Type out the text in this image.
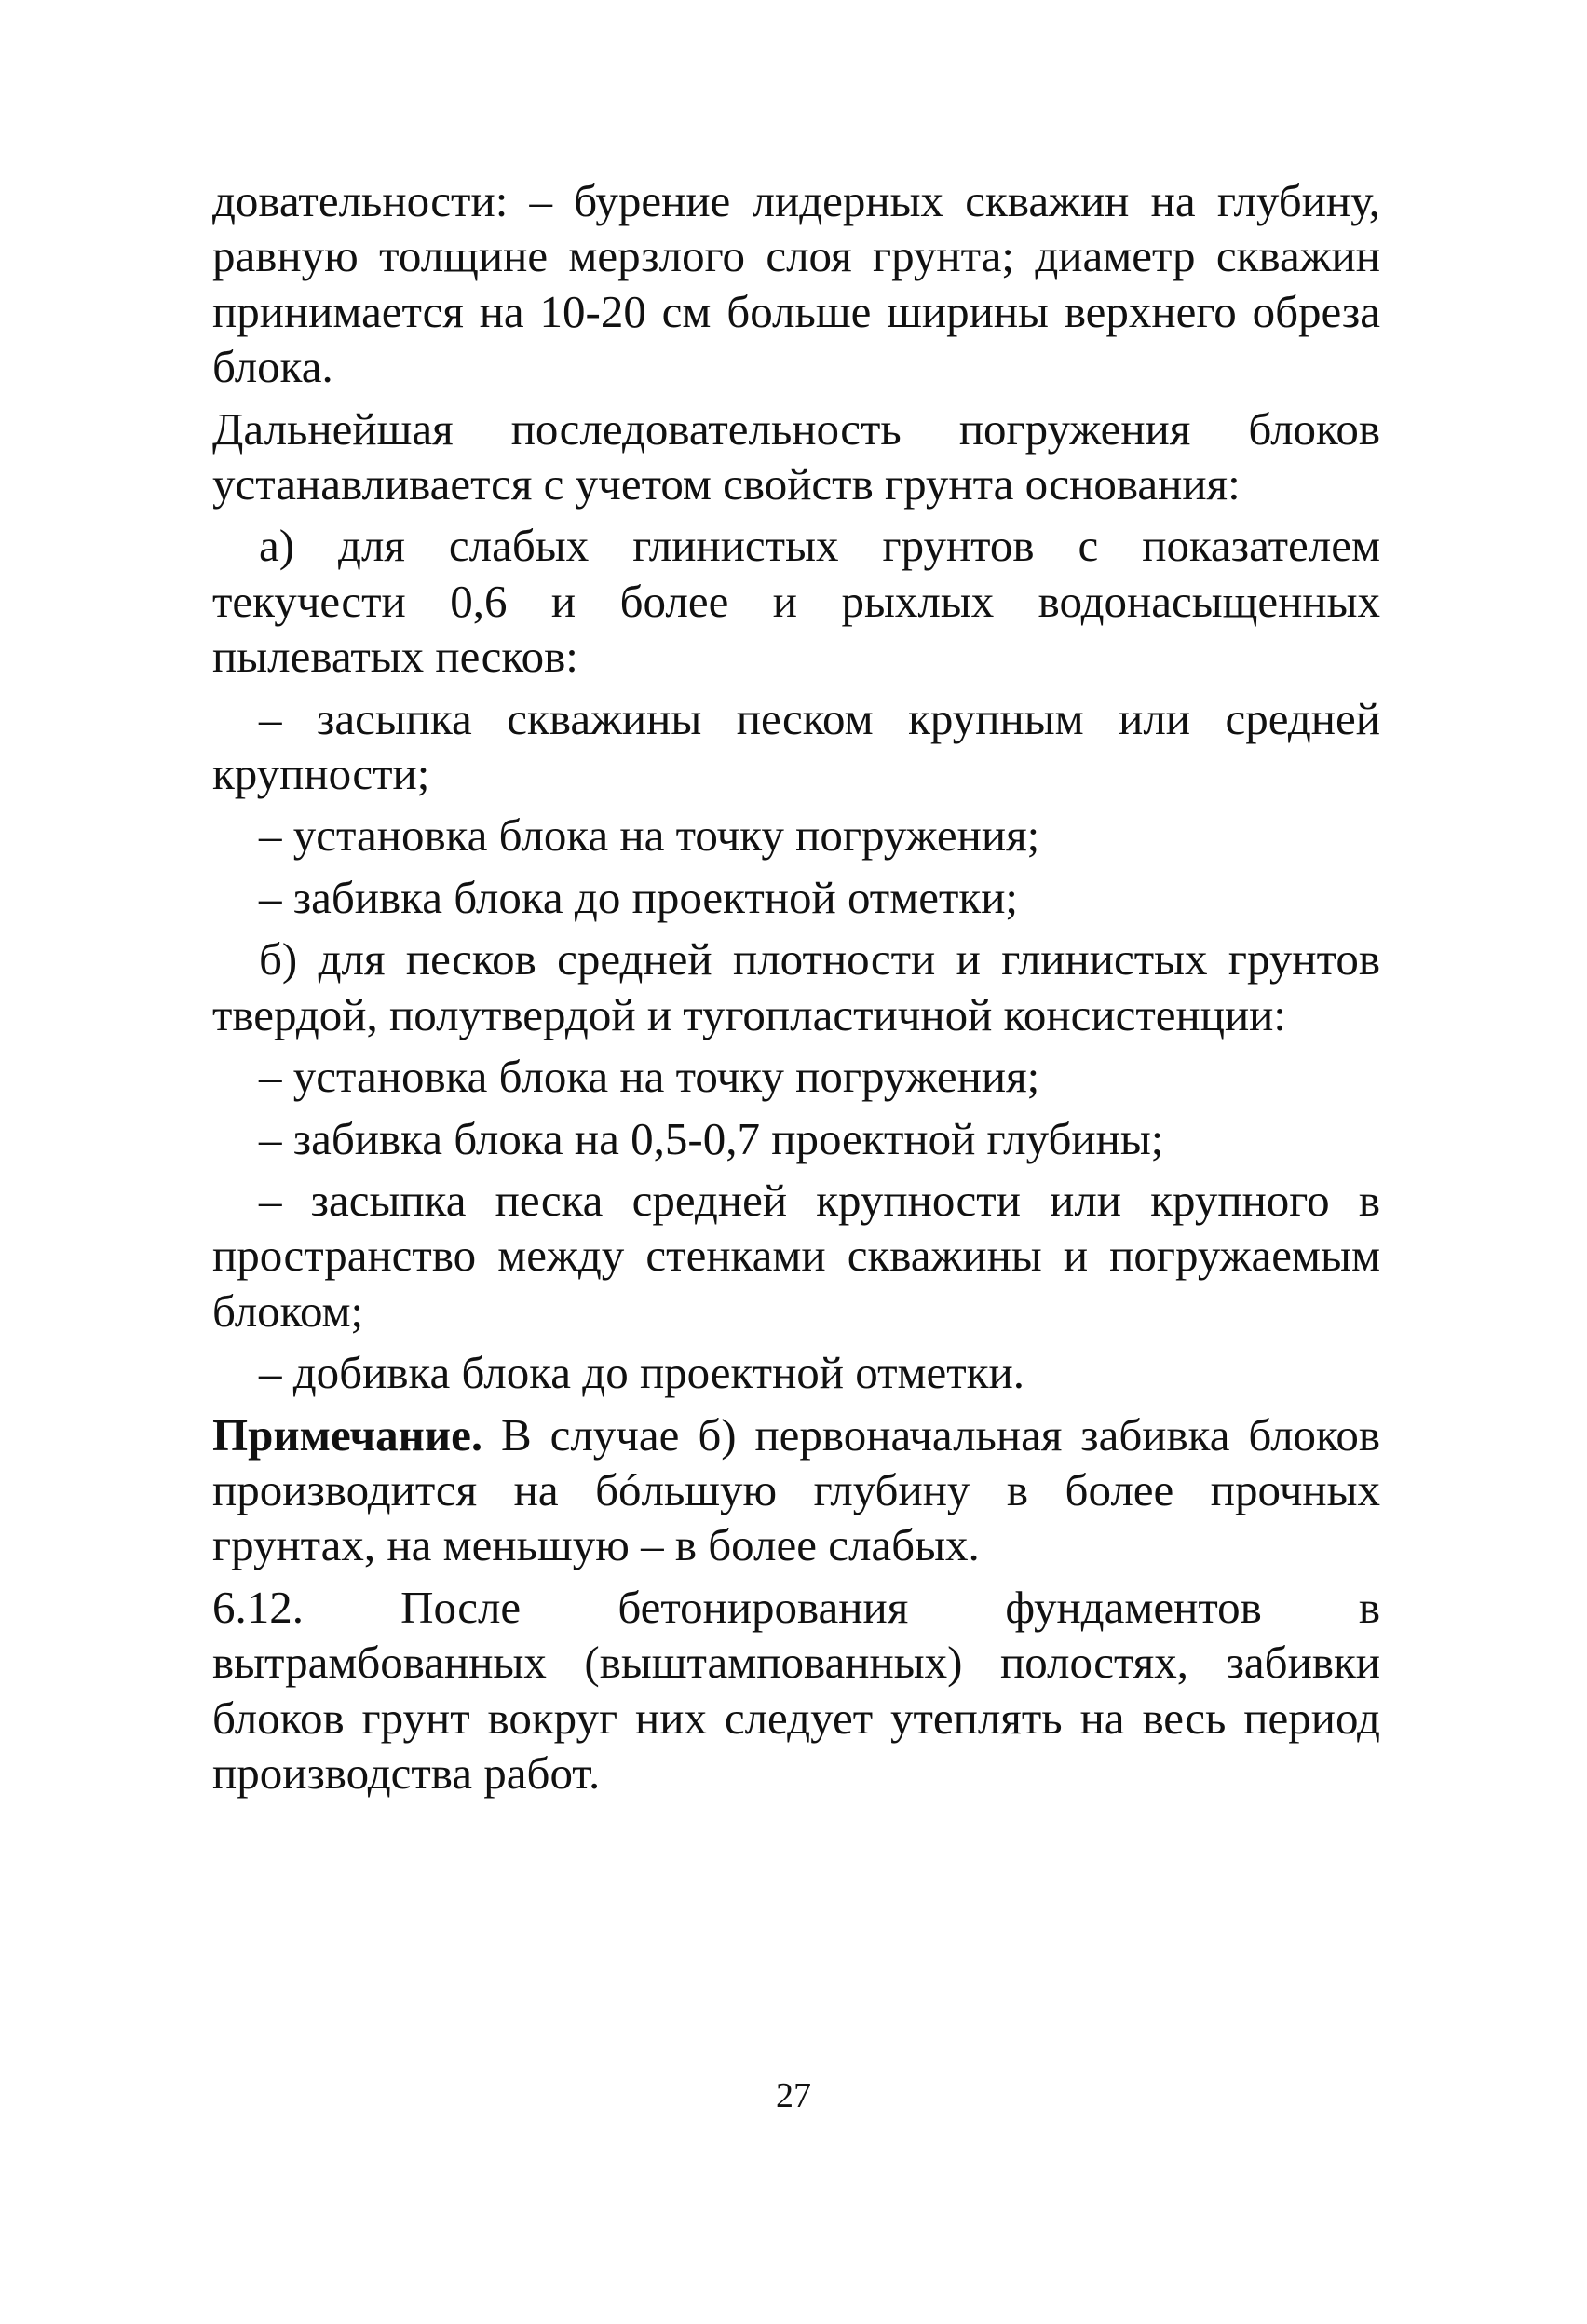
довательности: – бурение лидерных скважин на глубину, равную толщине мерзлого слоя грунта; диаметр скважин принимается на 10-20 см больше ширины верхнего обреза блока.

Дальнейшая последовательность погружения блоков устанавливается с учетом свойств грунта основания:

а) для слабых глинистых грунтов с показателем текучести 0,6 и более и рыхлых водонасыщенных пылеватых песков:

– засыпка скважины песком крупным или средней крупности;

– установка блока на точку погружения;

– забивка блока до проектной отметки;

б) для песков средней плотности и глинистых грунтов твердой, полутвердой и тугопластичной консистенции:

– установка блока на точку погружения;

– забивка блока на 0,5-0,7 проектной глубины;

– засыпка песка средней крупности или крупного в пространство между стенками скважины и погружаемым блоком;

– добивка блока до проектной отметки.

Примечание. В случае б) первоначальная забивка блоков производится на бóльшую глубину в более прочных грунтах, на меньшую – в более слабых.

6.12. После бетонирования фундаментов в вытрамбованных (выштампованных) полостях, забивки блоков грунт вокруг них следует утеплять на весь период производства работ.

27
